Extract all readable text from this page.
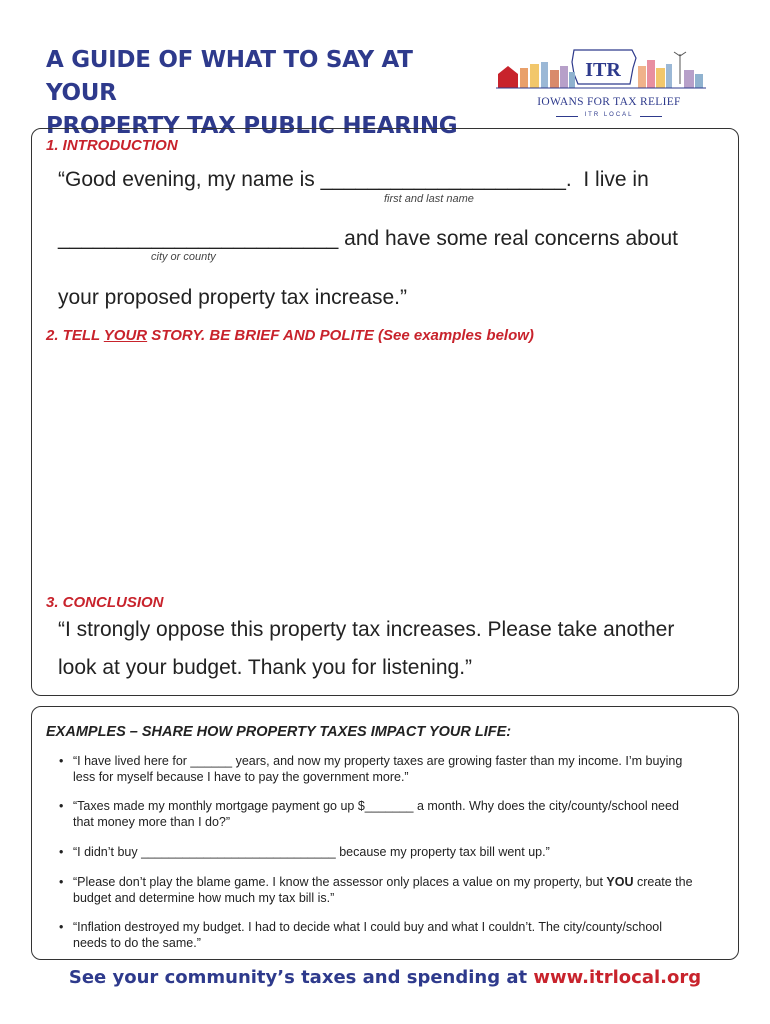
A GUIDE OF WHAT TO SAY AT YOUR
PROPERTY TAX PUBLIC HEARING
ITR
IOWANS FOR TAX RELIEF
ITR LOCAL
1. INTRODUCTION
“Good evening, my name is _____________________.  I live in
first and last name
________________________ and have some real concerns about
city or county
your proposed property tax increase.”
2. TELL YOUR STORY. BE BRIEF AND POLITE (See examples below)
3. CONCLUSION
“I strongly oppose this property tax increases. Please take another
look at your budget. Thank you for listening.”
EXAMPLES – SHARE HOW PROPERTY TAXES IMPACT YOUR LIFE:
• “I have lived here for ______ years, and now my property taxes are growing faster than my income. I’m buying
less for myself because I have to pay the government more.”
• “Taxes made my monthly mortgage payment go up $_______ a month. Why does the city/county/school need
that money more than I do?”
• “I didn’t buy ____________________________ because my property tax bill went up.”
• “Please don’t play the blame game. I know the assessor only places a value on my property, but YOU create the
budget and determine how much my tax bill is.”
• “Inflation destroyed my budget. I had to decide what I could buy and what I couldn’t. The city/county/school
needs to do the same.”
See your community’s taxes and spending at www.itrlocal.org
